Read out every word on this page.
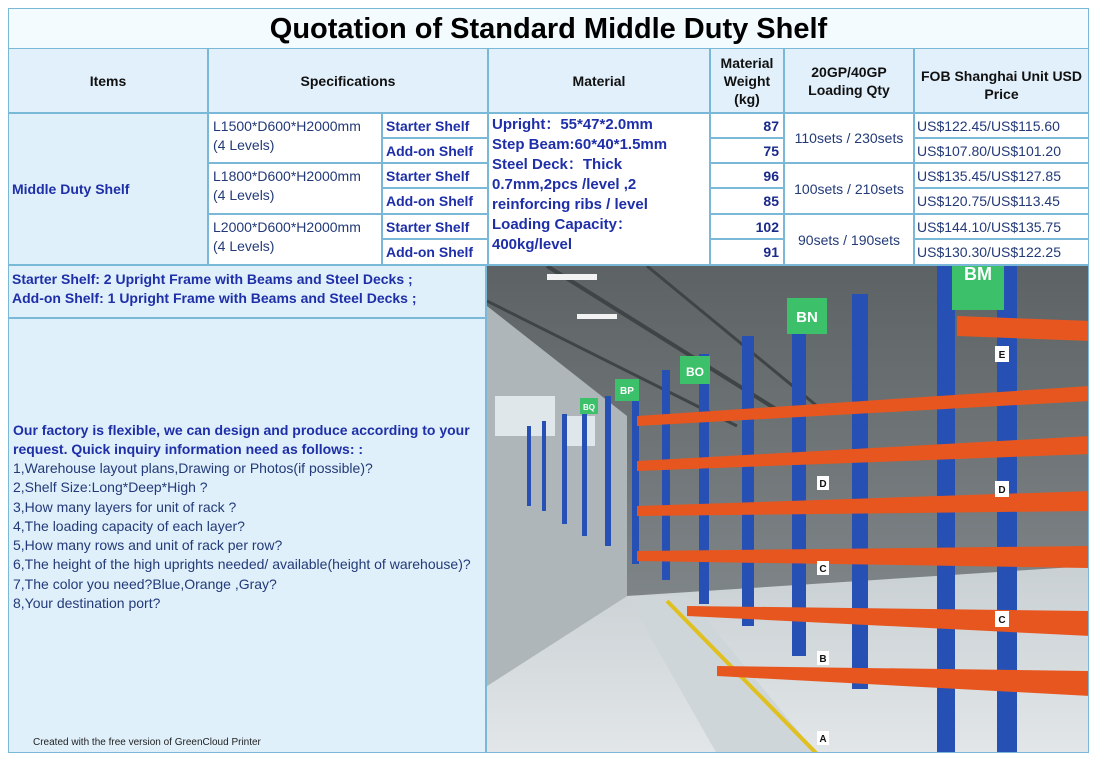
Quotation of Standard Middle Duty Shelf
Items	Specifications	Material
Material Weight (kg)
20GP/40GP Loading Qty
FOB Shanghai Unit USD Price
Middle Duty Shelf
L1500*D600*H2000mm
(4 Levels)
Starter Shelf
Add-on Shelf
L1800*D600*H2000mm
(4 Levels)
Starter Shelf
Add-on Shelf
L2000*D600*H2000mm
(4 Levels)
Starter Shelf
Add-on Shelf
Upright：55*47*2.0mm
Step Beam:60*40*1.5mm
Steel Deck：Thick 0.7mm,2pcs /level ,2 reinforcing ribs / level
Loading Capacity：400kg/level
87
75
96
85
102
91
110sets / 230sets
100sets / 210sets
90sets / 190sets
US$122.45/US$115.60
US$107.80/US$101.20
US$135.45/US$127.85
US$120.75/US$113.45
US$144.10/US$135.75
US$130.30/US$122.25
Starter Shelf: 2 Upright Frame with Beams and Steel Decks ;
Add-on Shelf: 1 Upright Frame with Beams and Steel Decks ;
Our factory is flexible, we can design and produce according to your request. Quick inquiry information need as follows: :
1,Warehouse layout plans,Drawing or Photos(if possible)?
2,Shelf Size:Long*Deep*High ?
3,How many layers for unit of rack ?
4,The loading capacity of each layer?
5,How many rows and unit of rack per row?
6,The height of the high uprights needed/ available(height of warehouse)?
7,The color you need?Blue,Orange ,Gray?
8,Your destination port?
Created with the free version of GreenCloud Printer
BN
BM
BO
BP
BQ
E
D
C
D
C
B
A
